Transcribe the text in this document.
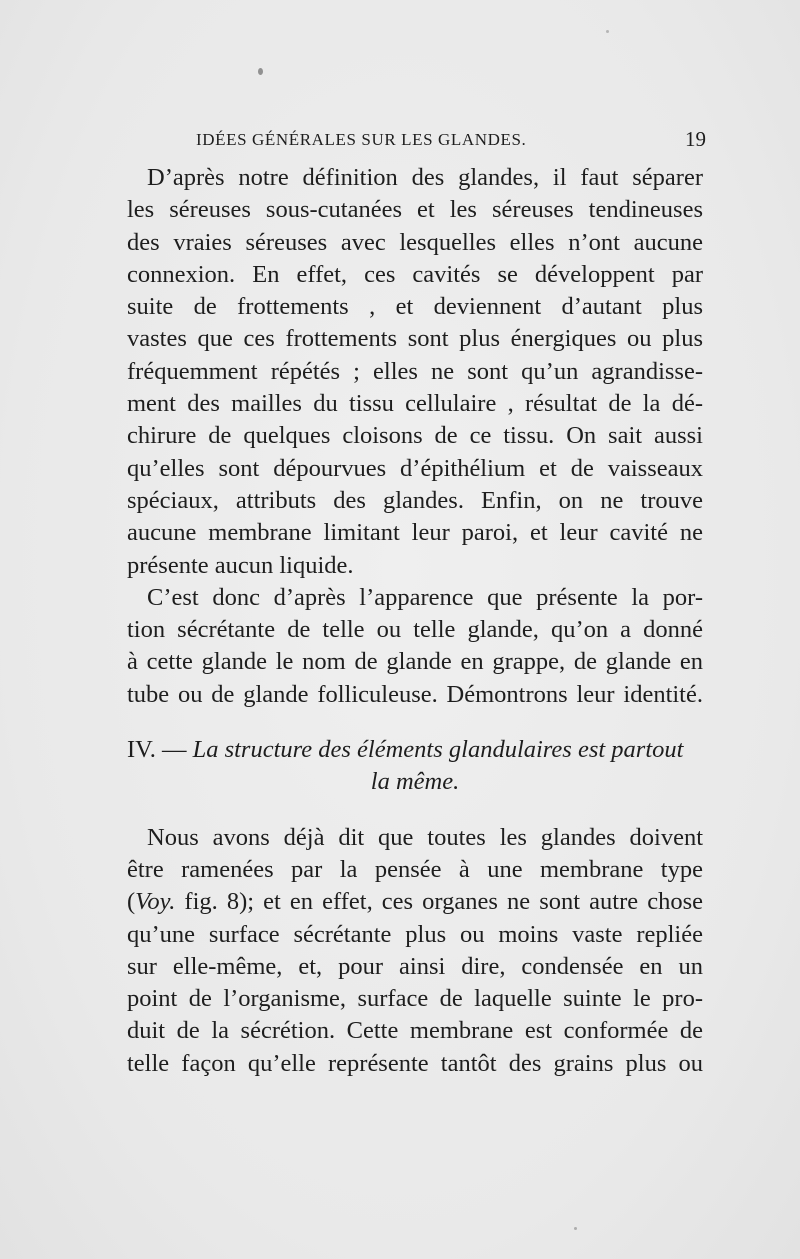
IDÉES GÉNÉRALES SUR LES GLANDES.	19
D’après notre définition des glandes, il faut séparer
les séreuses sous-cutanées et les séreuses tendineuses
des vraies séreuses avec lesquelles elles n’ont aucune
connexion. En effet, ces cavités se développent par
suite de frottements , et deviennent d’autant plus
vastes que ces frottements sont plus énergiques ou plus
fréquemment répétés ; elles ne sont qu’un agrandisse-
ment des mailles du tissu cellulaire , résultat de la dé-
chirure de quelques cloisons de ce tissu. On sait aussi
qu’elles sont dépourvues d’épithélium et de vaisseaux
spéciaux, attributs des glandes. Enfin, on ne trouve
aucune membrane limitant leur paroi, et leur cavité ne
présente aucun liquide.
C’est donc d’après l’apparence que présente la por-
tion sécrétante de telle ou telle glande, qu’on a donné
à cette glande le nom de glande en grappe, de glande en
tube ou de glande folliculeuse. Démontrons leur identité.
IV. — La structure des éléments glandulaires est partout
la même.
Nous avons déjà dit que toutes les glandes doivent
être ramenées par la pensée à une membrane type
(Voy. fig. 8); et en effet, ces organes ne sont autre chose
qu’une surface sécrétante plus ou moins vaste repliée
sur elle-même, et, pour ainsi dire, condensée en un
point de l’organisme, surface de laquelle suinte le pro-
duit de la sécrétion. Cette membrane est conformée de
telle façon qu’elle représente tantôt des grains plus ou
